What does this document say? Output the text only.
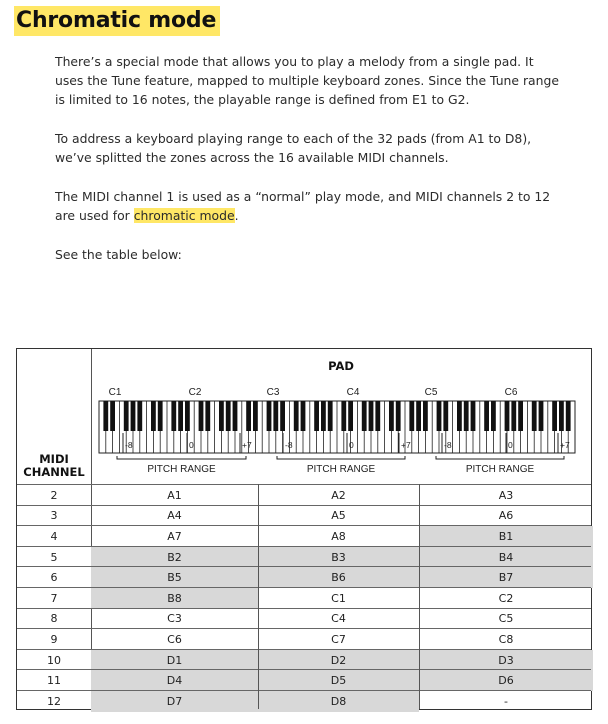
Chromatic mode

There’s a special mode that allows you to play a melody from a single pad. It uses the Tune feature, mapped to multiple keyboard zones. Since the Tune range is limited to 16 notes, the playable range is defined from E1 to G2.

To address a keyboard playing range to each of the 32 pads (from A1 to D8), we’ve splitted the zones across the 16 available MIDI channels.

The MIDI channel 1 is used as a “normal” play mode, and MIDI channels 2 to 12 are used for chromatic mode.

See the table below:

PAD
MIDI
CHANNEL
C1	C2	C3	C4	C5	C6
-8	0	+7
PITCH RANGE
-8	0	+7
PITCH RANGE
-8	0	+7
PITCH RANGE
2	A1	A2	A3
3	A4	A5	A6
4	A7	A8	B1
5	B2	B3	B4
6	B5	B6	B7
7	B8	C1	C2
8	C3	C4	C5
9	C6	C7	C8
10	D1	D2	D3
11	D4	D5	D6
12	D7	D8	-
